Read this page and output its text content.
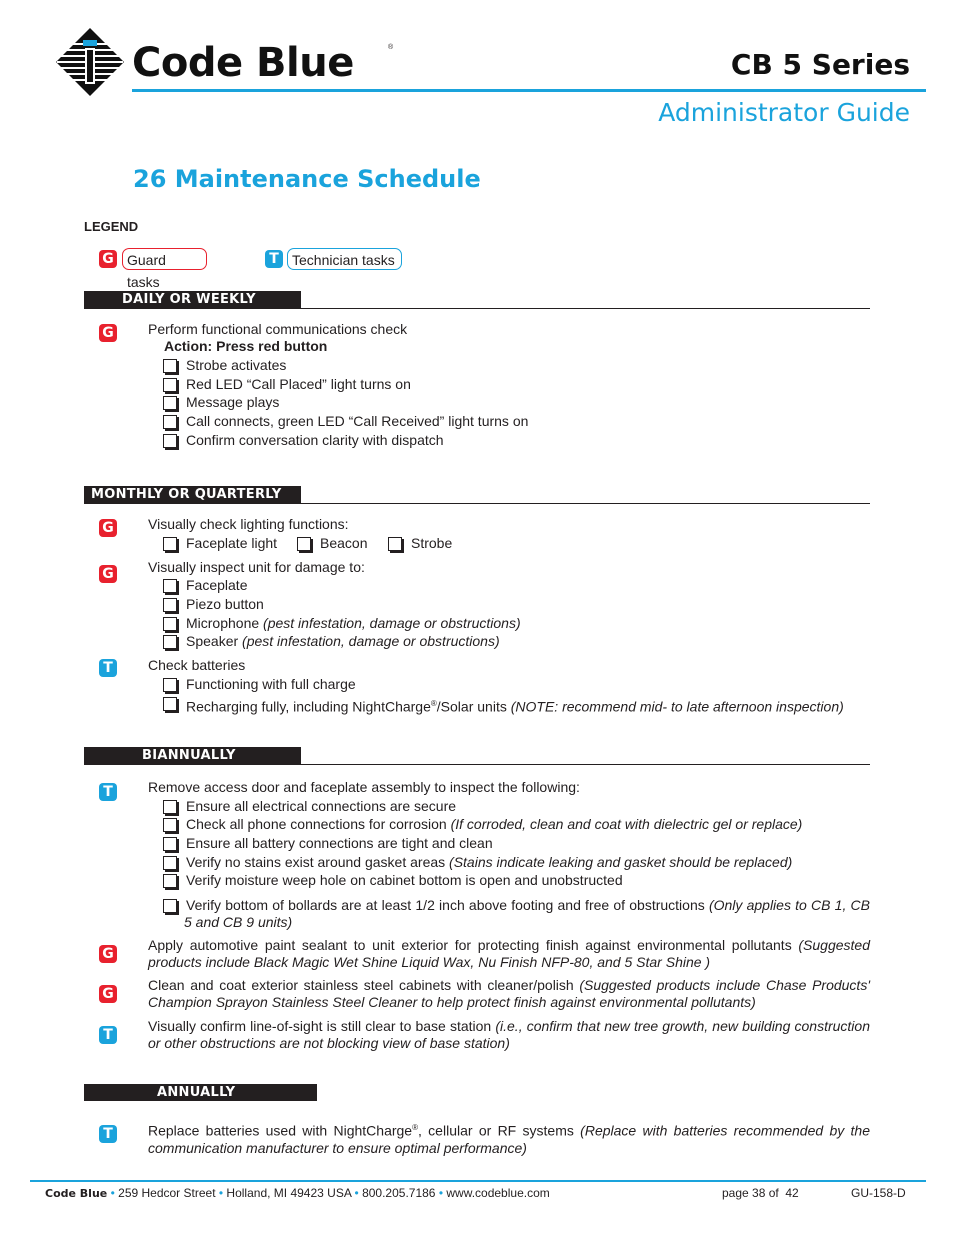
Code Blue	®
CB 5 Series
Administrator Guide
26 Maintenance Schedule
LEGEND
G Guard tasks
T Technician tasks
DAILY OR WEEKLY
G Perform functional communications check
Action: Press red button
Strobe activates
Red LED “Call Placed” light turns on
Message plays
Call connects, green LED “Call Received” light turns on
Confirm conversation clarity with dispatch
MONTHLY OR QUARTERLY
G Visually check lighting functions:
Faceplate light	Beacon	Strobe
G Visually inspect unit for damage to:
Faceplate
Piezo button
Microphone (pest infestation, damage or obstructions)
Speaker (pest infestation, damage or obstructions)
T	Check batteries
Functioning with full charge
Recharging fully, including NightCharge®/Solar units (NOTE: recommend mid- to late afternoon inspection)
BIANNUALLY
T	Remove access door and faceplate assembly to inspect the following:
Ensure all electrical connections are secure
Check all phone connections for corrosion (If corroded, clean and coat with dielectric gel or replace)
Ensure all battery connections are tight and clean
Verify no stains exist around gasket areas (Stains indicate leaking and gasket should be replaced)
Verify moisture weep hole on cabinet bottom is open and unobstructed
Verify bottom of bollards are at least 1/2 inch above footing and free of obstructions (Only applies to CB 1, CB 5 and CB 9 units)
G
Apply automotive paint sealant to unit exterior for protecting finish against environmental pollutants (Suggested products include Black Magic Wet Shine Liquid Wax, Nu Finish NFP-80, and 5 Star Shine )
G
Clean and coat exterior stainless steel cabinets with cleaner/polish (Suggested products include Chase Products' Champion Sprayon Stainless Steel Cleaner to help protect finish against environmental pollutants)
T
Visually confirm line-of-sight is still clear to base station (i.e., confirm that new tree growth, new building construction or other obstructions are not blocking view of base station)
ANNUALLY
T	Replace batteries used with NightCharge®, cellular or RF systems (Replace with batteries recommended by the communication manufacturer to ensure optimal performance)
Code Blue • 259 Hedcor Street • Holland, MI 49423 USA • 800.205.7186 • www.codeblue.com	page 38 of  42	GU-158-D
